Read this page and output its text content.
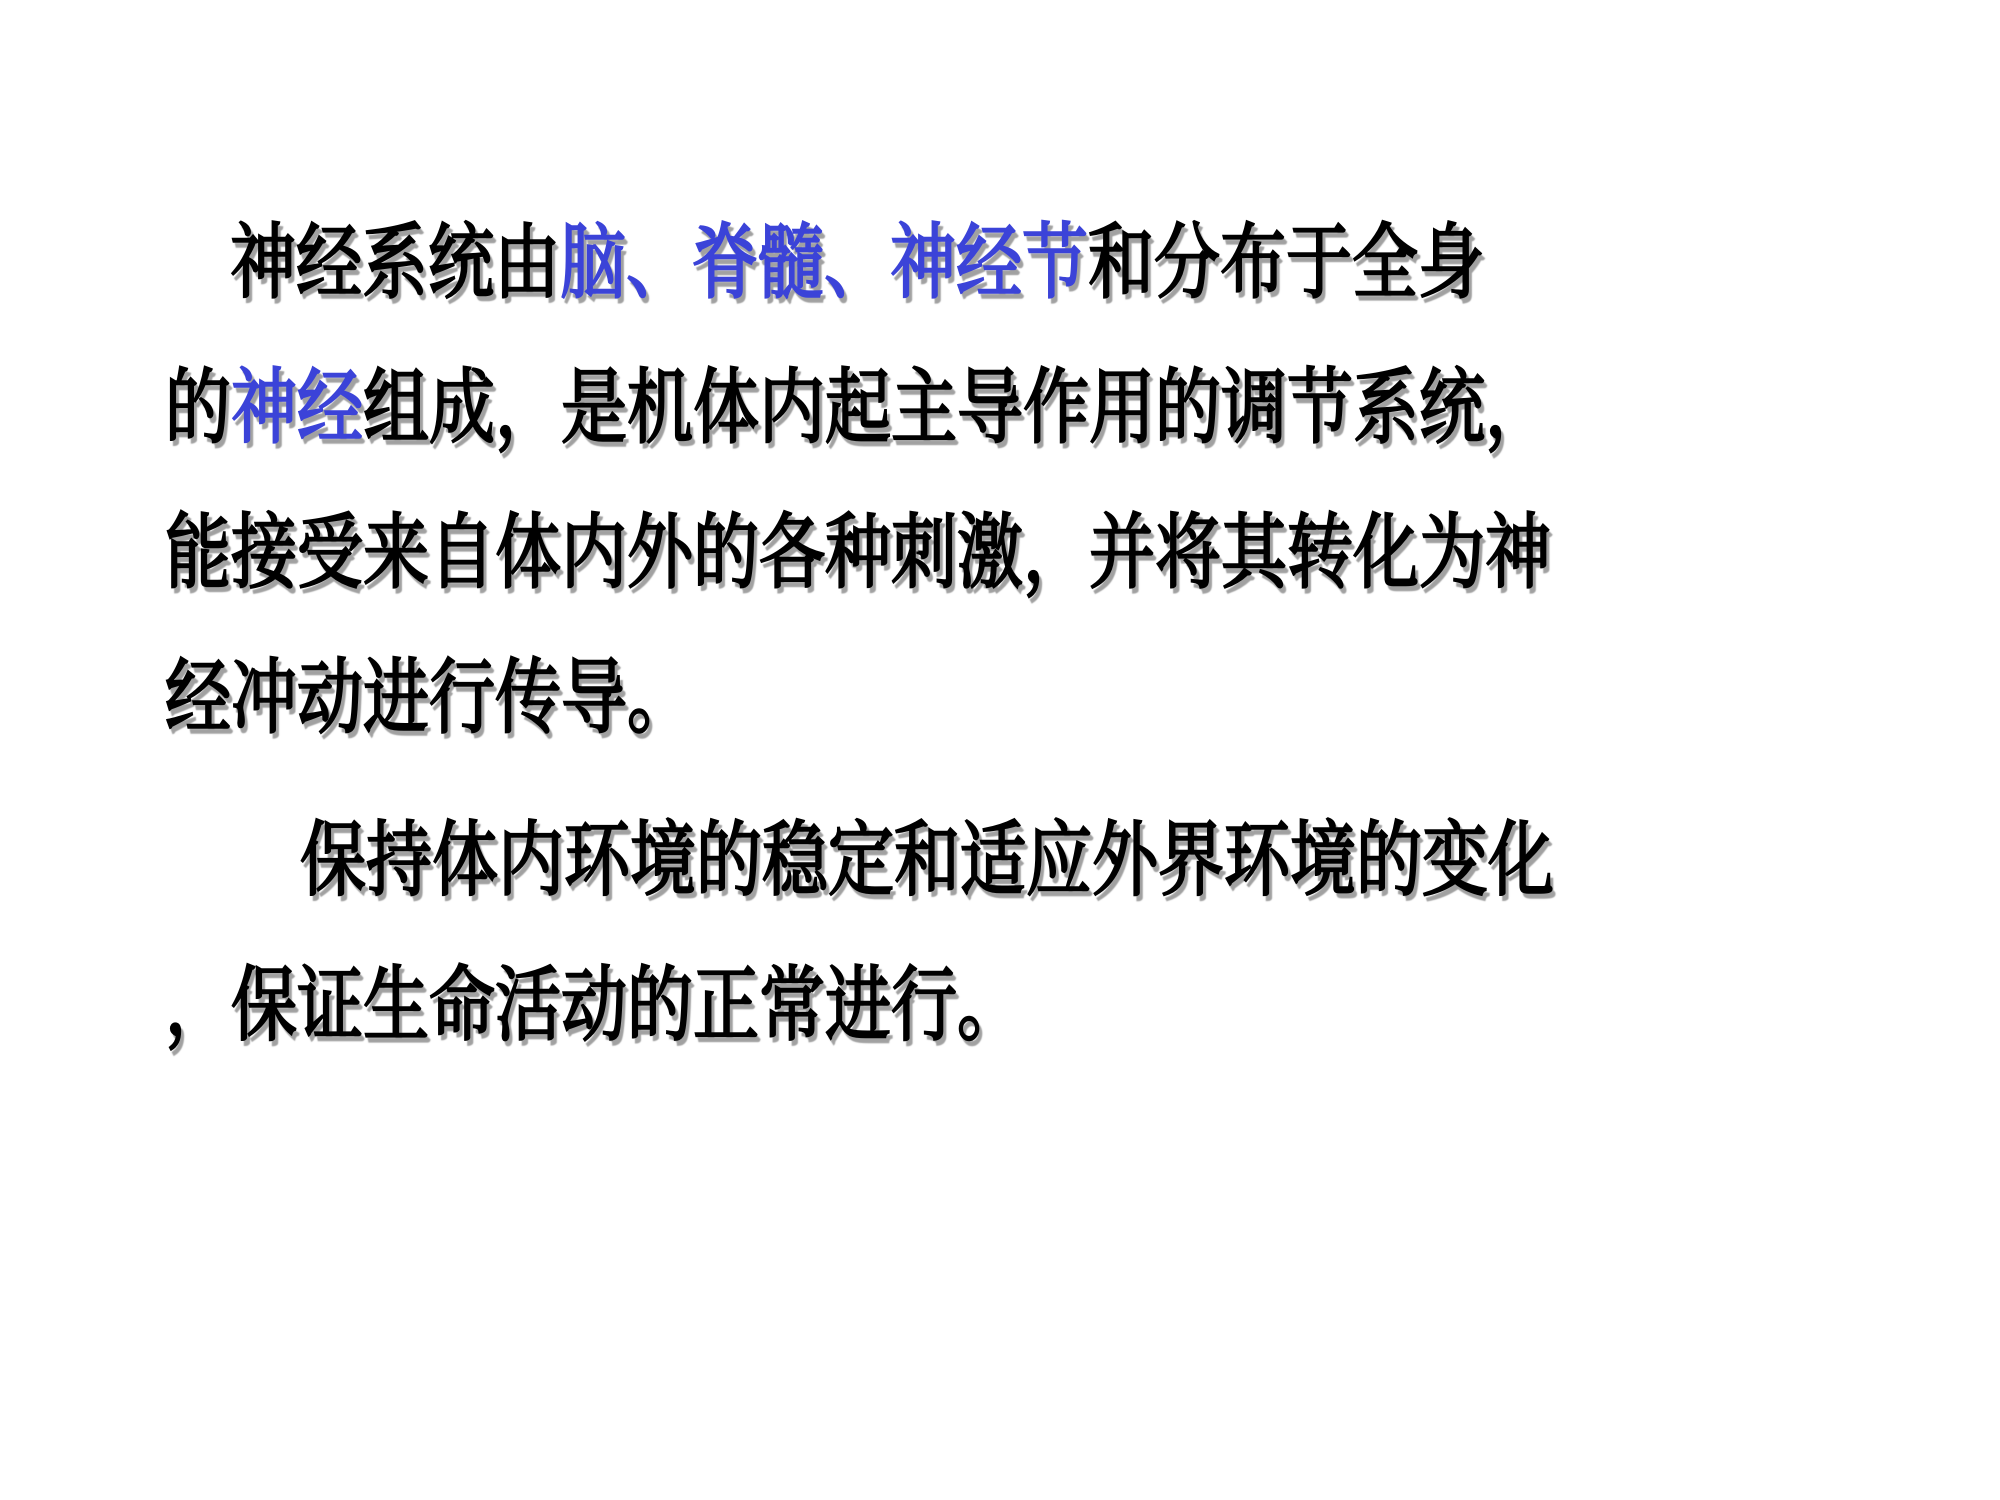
神经系统由脑、脊髓、神经节和分布于全身
的神经组成，是机体内起主导作用的调节系统，
能接受来自体内外的各种刺激，并将其转化为神
经冲动进行传导。
保持体内环境的稳定和适应外界环境的变化
，保证生命活动的正常进行。
